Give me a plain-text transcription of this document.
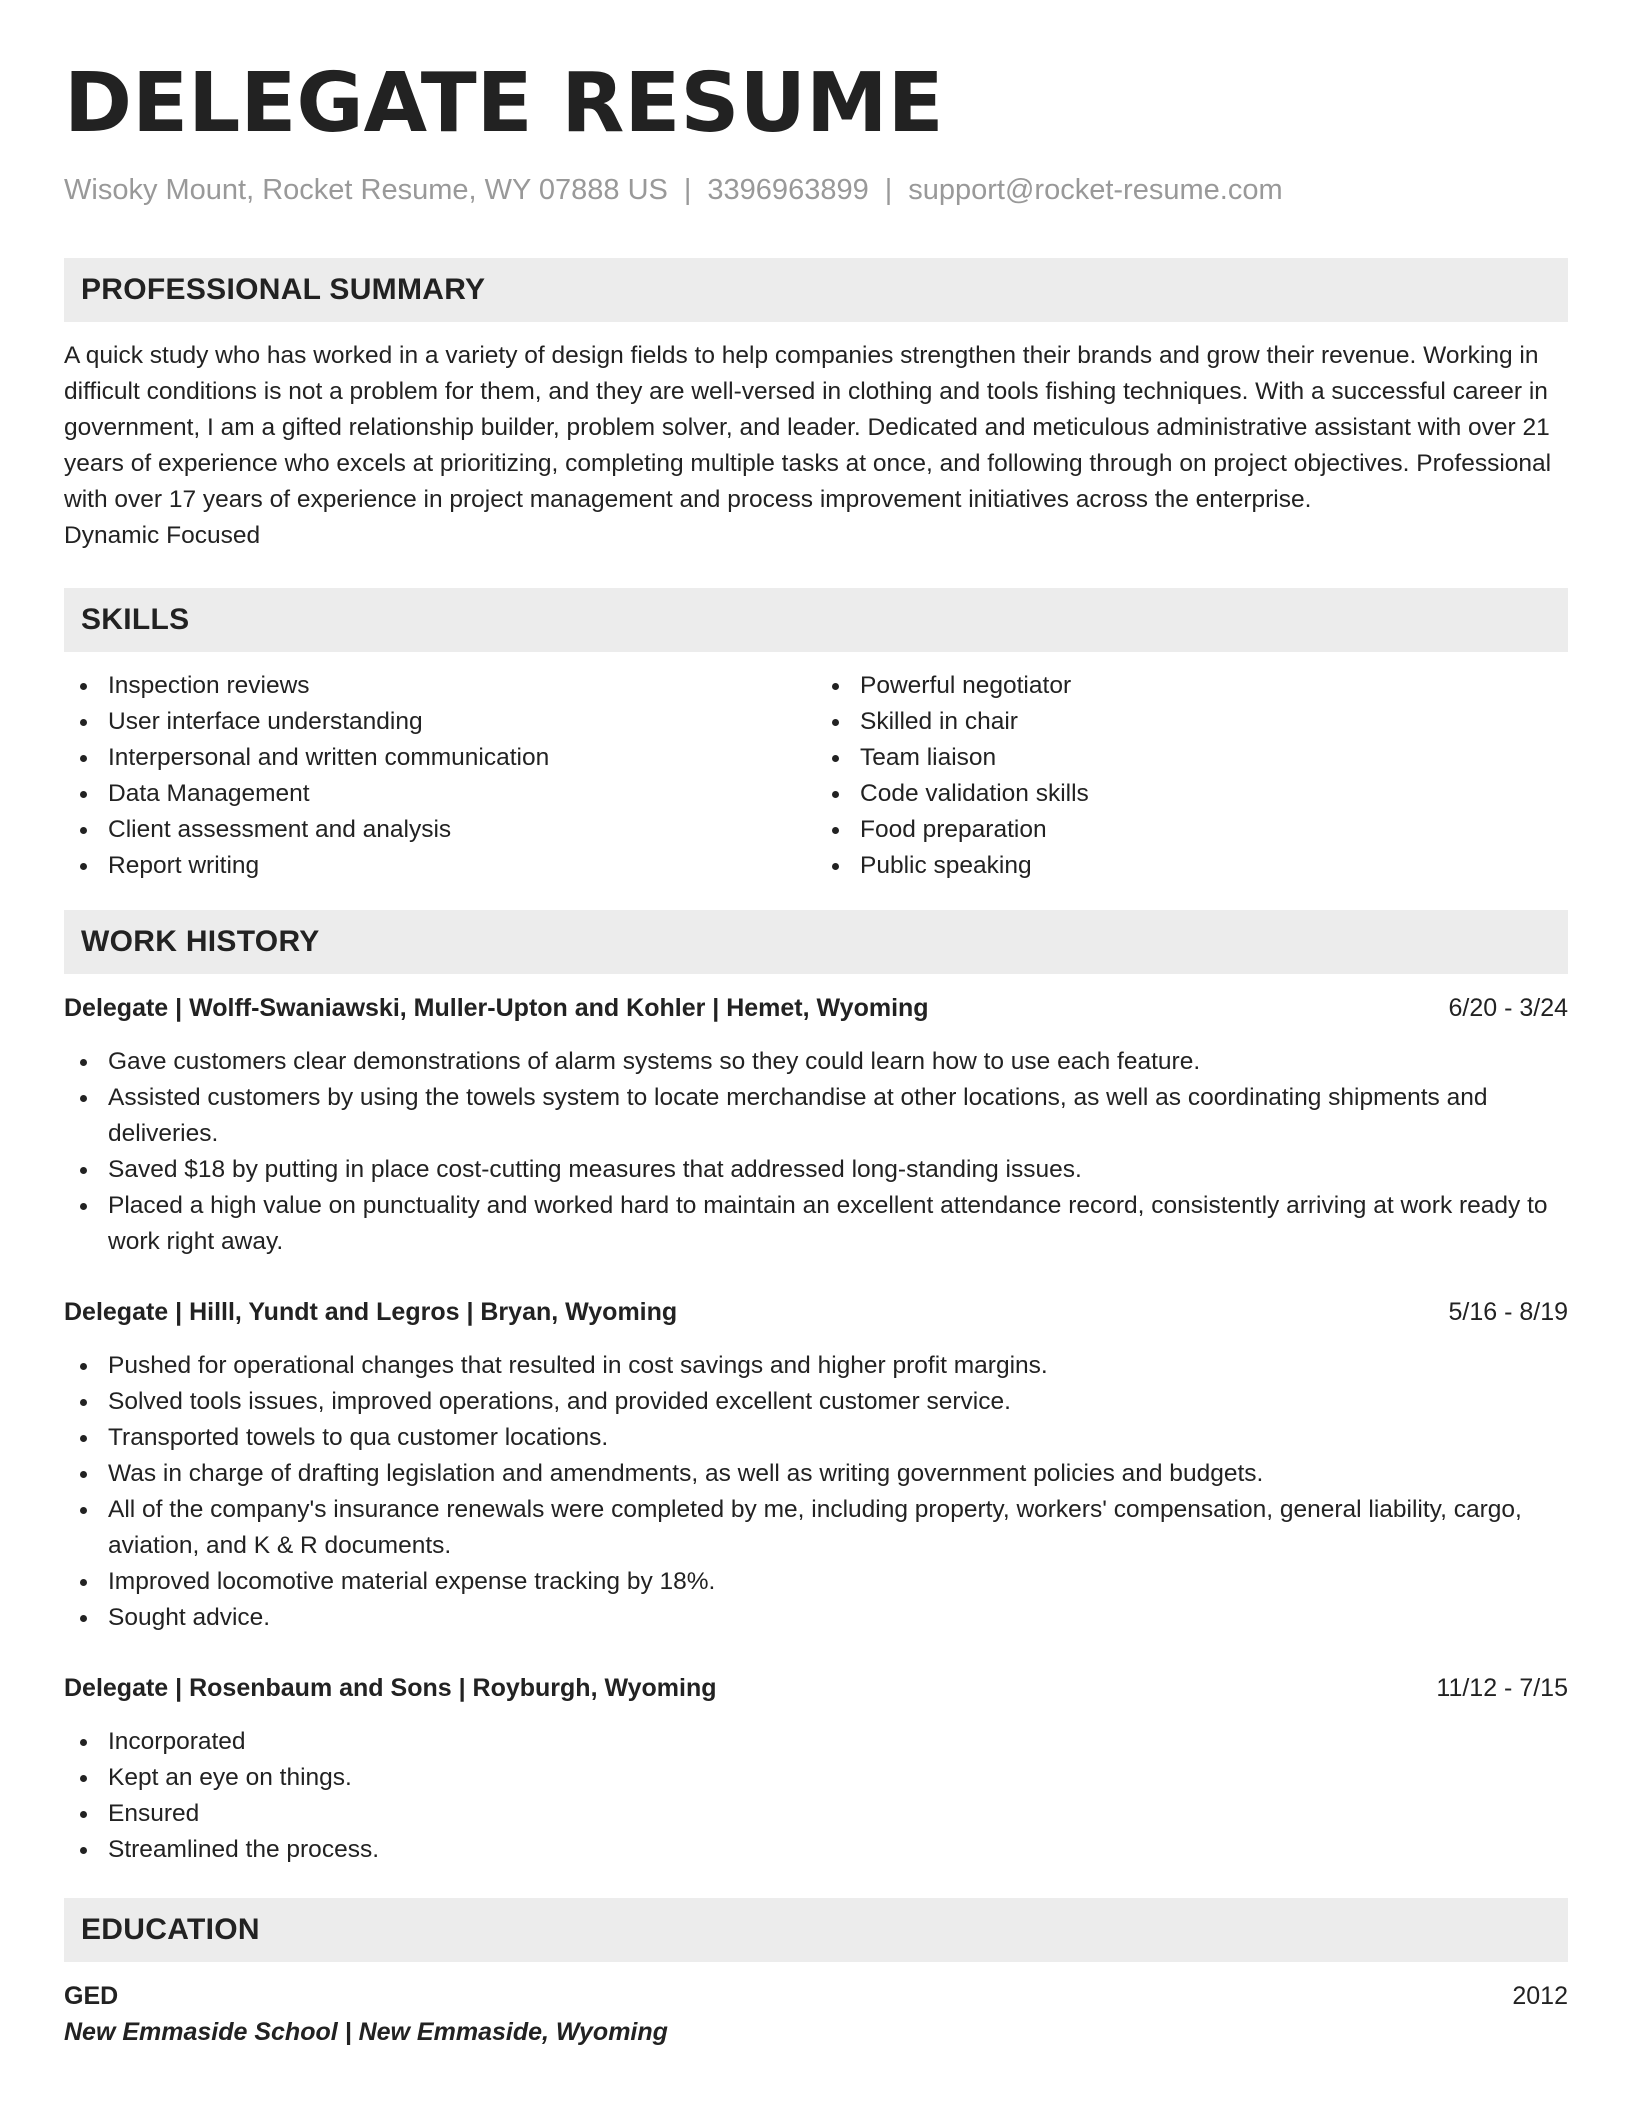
DELEGATE RESUME
Wisoky Mount, Rocket Resume, WY 07888 US | 3396963899 | support@rocket-resume.com
PROFESSIONAL SUMMARY

A quick study who has worked in a variety of design fields to help companies strengthen their brands and grow their revenue. Working in difficult conditions is not a problem for them, and they are well-versed in clothing and tools fishing techniques. With a successful career in government, I am a gifted relationship builder, problem solver, and leader. Dedicated and meticulous administrative assistant with over 21 years of experience who excels at prioritizing, completing multiple tasks at once, and following through on project objectives. Professional with over 17 years of experience in project management and process improvement initiatives across the enterprise.

Dynamic Focused

SKILLS
Inspection reviews
User interface understanding
Interpersonal and written communication
Data Management
Client assessment and analysis
Report writing
Powerful negotiator
Skilled in chair
Team liaison
Code validation skills
Food preparation
Public speaking
WORK HISTORY
Delegate | Wolff-Swaniawski, Muller-Upton and Kohler | Hemet, Wyoming	6/20 - 3/24
Gave customers clear demonstrations of alarm systems so they could learn how to use each feature.
Assisted customers by using the towels system to locate merchandise at other locations, as well as coordinating shipments and deliveries.
Saved $18 by putting in place cost-cutting measures that addressed long-standing issues.
Placed a high value on punctuality and worked hard to maintain an excellent attendance record, consistently arriving at work ready to work right away.
Delegate | Hilll, Yundt and Legros | Bryan, Wyoming	5/16 - 8/19
Pushed for operational changes that resulted in cost savings and higher profit margins.
Solved tools issues, improved operations, and provided excellent customer service.
Transported towels to qua customer locations.
Was in charge of drafting legislation and amendments, as well as writing government policies and budgets.
All of the company's insurance renewals were completed by me, including property, workers' compensation, general liability, cargo, aviation, and K & R documents.
Improved locomotive material expense tracking by 18%.
Sought advice.
Delegate | Rosenbaum and Sons | Royburgh, Wyoming	11/12 - 7/15
Incorporated
Kept an eye on things.
Ensured
Streamlined the process.
EDUCATION
GED	2012
New Emmaside School | New Emmaside, Wyoming
